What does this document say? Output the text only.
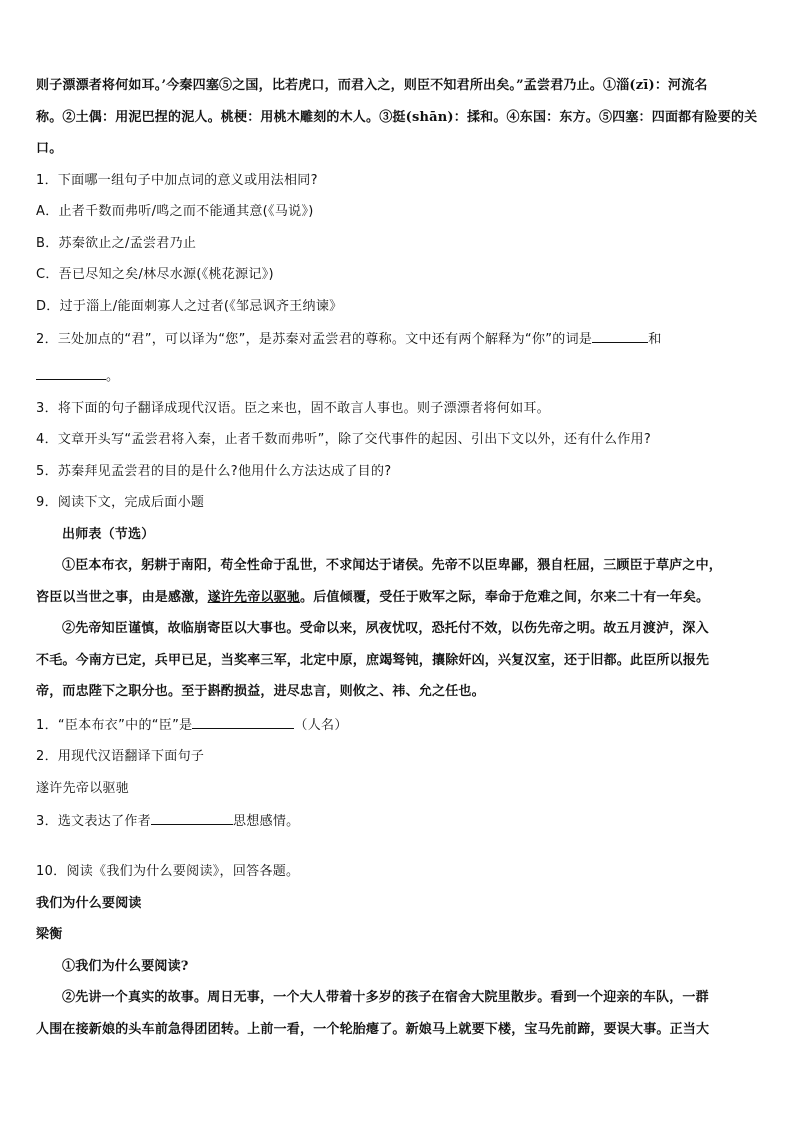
则子漂漂者将何如耳。’今秦四塞⑤之国，比若虎口，而君入之，则臣不知君所出矣。”孟尝君乃止。①淄(zī)：河流名
称。②土偶：用泥巴捏的泥人。桃梗：用桃木雕刻的木人。③挺(shān)：揉和。④东国：东方。⑤四塞：四面都有险要的关
口。
1．下面哪一组句子中加点词的意义或用法相同?
A．止者千数而弗听/鸣之而不能通其意(《马说》)
B．苏秦欲止之/孟尝君乃止
C．吾已尽知之矣/林尽水源(《桃花源记》)
D．过于淄上/能面刺寡人之过者(《邹忌讽齐王纳谏》
2．三处加点的“君”，可以译为“您”，是苏秦对孟尝君的尊称。文中还有两个解释为“你”的词是	和
。
3．将下面的句子翻译成现代汉语。臣之来也，固不敢言人事也。则子漂漂者将何如耳。
4．文章开头写“孟尝君将入秦，止者千数而弗听”，除了交代事件的起因、引出下文以外，还有什么作用?
5．苏秦拜见孟尝君的目的是什么?他用什么方法达成了目的?
9．阅读下文，完成后面小题
出师表（节选）
①臣本布衣，躬耕于南阳，苟全性命于乱世，不求闻达于诸侯。先帝不以臣卑鄙，猥自枉屈，三顾臣于草庐之中，
咨臣以当世之事，由是感激，遂许先帝以驱驰。后值倾覆，受任于败军之际，奉命于危难之间，尔来二十有一年矣。
②先帝知臣谨慎，故临崩寄臣以大事也。受命以来，夙夜忧叹，恐托付不效，以伤先帝之明。故五月渡泸，深入
不毛。今南方已定，兵甲已足，当奖率三军，北定中原，庶竭驽钝，攘除奸凶，兴复汉室，还于旧都。此臣所以报先
帝，而忠陛下之职分也。至于斟酌损益，进尽忠言，则攸之、祎、允之任也。
1．“臣本布衣”中的“臣”是	（人名）
2．用现代汉语翻译下面句子
遂许先帝以驱驰
3．选文表达了作者	思想感情。
10．阅读《我们为什么要阅读》，回答各题。
我们为什么要阅读
梁衡
①我们为什么要阅读?
②先讲一个真实的故事。周日无事，一个大人带着十多岁的孩子在宿舍大院里散步。看到一个迎亲的车队，一群
人围在接新娘的头车前急得团团转。上前一看，一个轮胎瘪了。新娘马上就要下楼，宝马先前蹄，要误大事。正当大
